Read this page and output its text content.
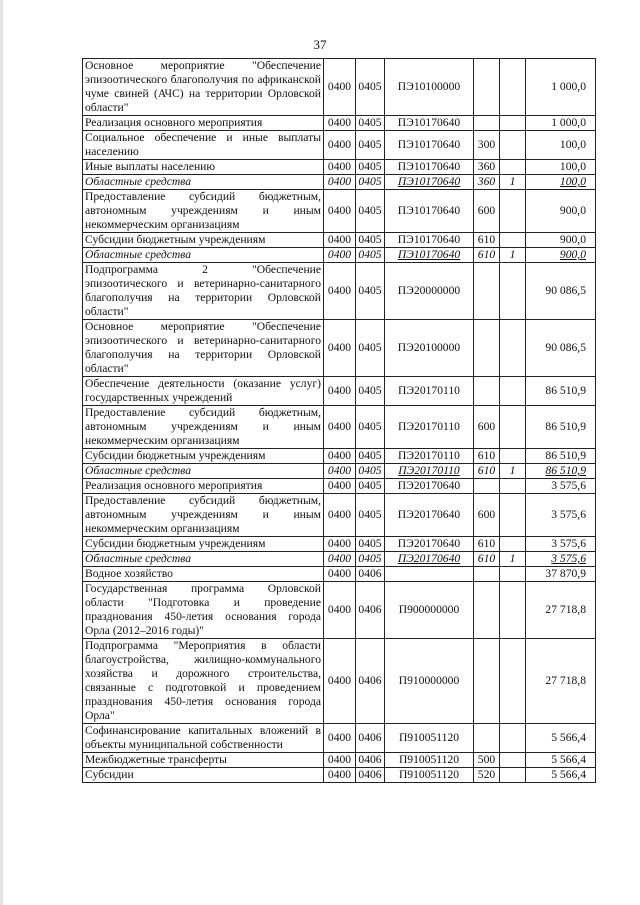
37
Основное мероприятие "Обеспечение эпизоотического благополучия по африканской чуме свиней (АЧС) на территории Орловской области"	0400	0405	ПЭ10100000			1 000,0
Реализация основного мероприятия	0400	0405	ПЭ10170640			1 000,0
Социальное обеспечение и иные выплаты населению	0400	0405	ПЭ10170640	300		100,0
Иные выплаты населению	0400	0405	ПЭ10170640	360		100,0
Областные средства	0400	0405	ПЭ10170640	360	1	100,0
Предоставление субсидий бюджетным, автономным учреждениям и иным некоммерческим организациям	0400	0405	ПЭ10170640	600		900,0
Субсидии бюджетным учреждениям	0400	0405	ПЭ10170640	610		900,0
Областные средства	0400	0405	ПЭ10170640	610	1	900,0
Подпрограмма 2 "Обеспечение эпизоотического и ветеринарно-санитарного благополучия на территории Орловской области"	0400	0405	ПЭ20000000			90 086,5
Основное мероприятие "Обеспечение эпизоотического и ветеринарно-санитарного благополучия на территории Орловской области"	0400	0405	ПЭ20100000			90 086,5
Обеспечение деятельности (оказание услуг) государственных учреждений	0400	0405	ПЭ20170110			86 510,9
Предоставление субсидий бюджетным, автономным учреждениям и иным некоммерческим организациям	0400	0405	ПЭ20170110	600		86 510,9
Субсидии бюджетным учреждениям	0400	0405	ПЭ20170110	610		86 510,9
Областные средства	0400	0405	ПЭ20170110	610	1	86 510,9
Реализация основного мероприятия	0400	0405	ПЭ20170640			3 575,6
Предоставление субсидий бюджетным, автономным учреждениям и иным некоммерческим организациям	0400	0405	ПЭ20170640	600		3 575,6
Субсидии бюджетным учреждениям	0400	0405	ПЭ20170640	610		3 575,6
Областные средства	0400	0405	ПЭ20170640	610	1	3 575,6
Водное хозяйство	0400	0406				37 870,9
Государственная программа Орловской области "Подготовка и проведение празднования 450-летия основания города Орла (2012–2016 годы)"	0400	0406	П900000000			27 718,8
Подпрограмма "Мероприятия в области благоустройства, жилищно-коммунального хозяйства и дорожного строительства, связанные с подготовкой и проведением празднования 450-летия основания города Орла"	0400	0406	П910000000			27 718,8
Софинансирование капитальных вложений в объекты муниципальной собственности	0400	0406	П910051120			5 566,4
Межбюджетные трансферты	0400	0406	П910051120	500		5 566,4
Субсидии	0400	0406	П910051120	520		5 566,4
